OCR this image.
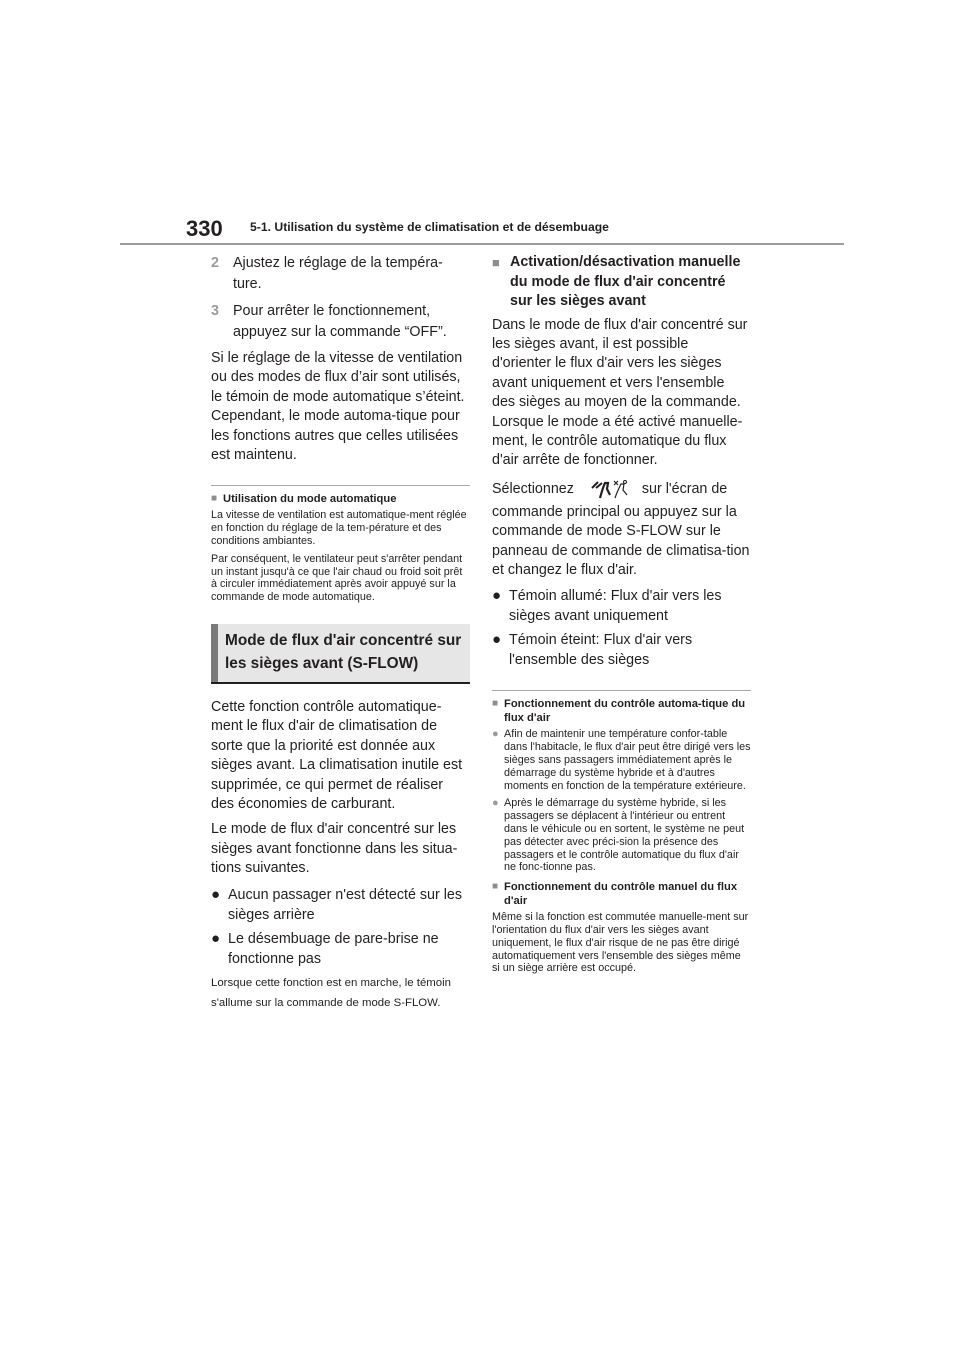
330 5-1. Utilisation du système de climatisation et de désembuage
2 Ajustez le réglage de la tempéra-ture.
3 Pour arrêter le fonctionnement, appuyez sur la commande “OFF”.

Si le réglage de la vitesse de ventilation ou des modes de flux d’air sont utilisés, le témoin de mode automatique s’éteint. Cependant, le mode automa-tique pour les fonctions autres que celles utilisées est maintenu.

■ Utilisation du mode automatique

La vitesse de ventilation est automatique-ment réglée en fonction du réglage de la tem-pérature et des conditions ambiantes.

Par conséquent, le ventilateur peut s'arrêter pendant un instant jusqu'à ce que l'air chaud ou froid soit prêt à circuler immédiatement après avoir appuyé sur la commande de mode automatique.

Mode de flux d'air concentré sur les sièges avant (S-FLOW)

Cette fonction contrôle automatique-ment le flux d'air de climatisation de sorte que la priorité est donnée aux sièges avant. La climatisation inutile est supprimée, ce qui permet de réaliser des économies de carburant.

Le mode de flux d'air concentré sur les sièges avant fonctionne dans les situa-tions suivantes.

● Aucun passager n'est détecté sur les sièges arrière
● Le désembuage de pare-brise ne fonctionne pas

Lorsque cette fonction est en marche, le témoin s'allume sur la commande de mode S-FLOW.

■ Activation/désactivation manuelle du mode de flux d'air concentré sur les sièges avant

Dans le mode de flux d'air concentré sur les sièges avant, il est possible d'orienter le flux d'air vers les sièges avant uniquement et vers l'ensemble des sièges au moyen de la commande. Lorsque le mode a été activé manuelle-ment, le contrôle automatique du flux d'air arrête de fonctionner.

Sélectionnez	sur l'écran de

commande principal ou appuyez sur la commande de mode S-FLOW sur le panneau de commande de climatisa-tion et changez le flux d'air.

● Témoin allumé: Flux d'air vers les sièges avant uniquement
● Témoin éteint: Flux d'air vers l'ensemble des sièges
■ Fonctionnement du contrôle automa-tique du flux d'air
● Afin de maintenir une température confor-table dans l'habitacle, le flux d'air peut être dirigé vers les sièges sans passagers immédiatement après le démarrage du système hybride et à d'autres moments en fonction de la température extérieure.
● Après le démarrage du système hybride, si les passagers se déplacent à l'intérieur ou entrent dans le véhicule ou en sortent, le système ne peut pas détecter avec préci-sion la présence des passagers et le contrôle automatique du flux d'air ne fonc-tionne pas.
■ Fonctionnement du contrôle manuel du flux d'air

Même si la fonction est commutée manuelle-ment sur l'orientation du flux d'air vers les sièges avant uniquement, le flux d'air risque de ne pas être dirigé automatiquement vers l'ensemble des sièges même si un siège arrière est occupé.
